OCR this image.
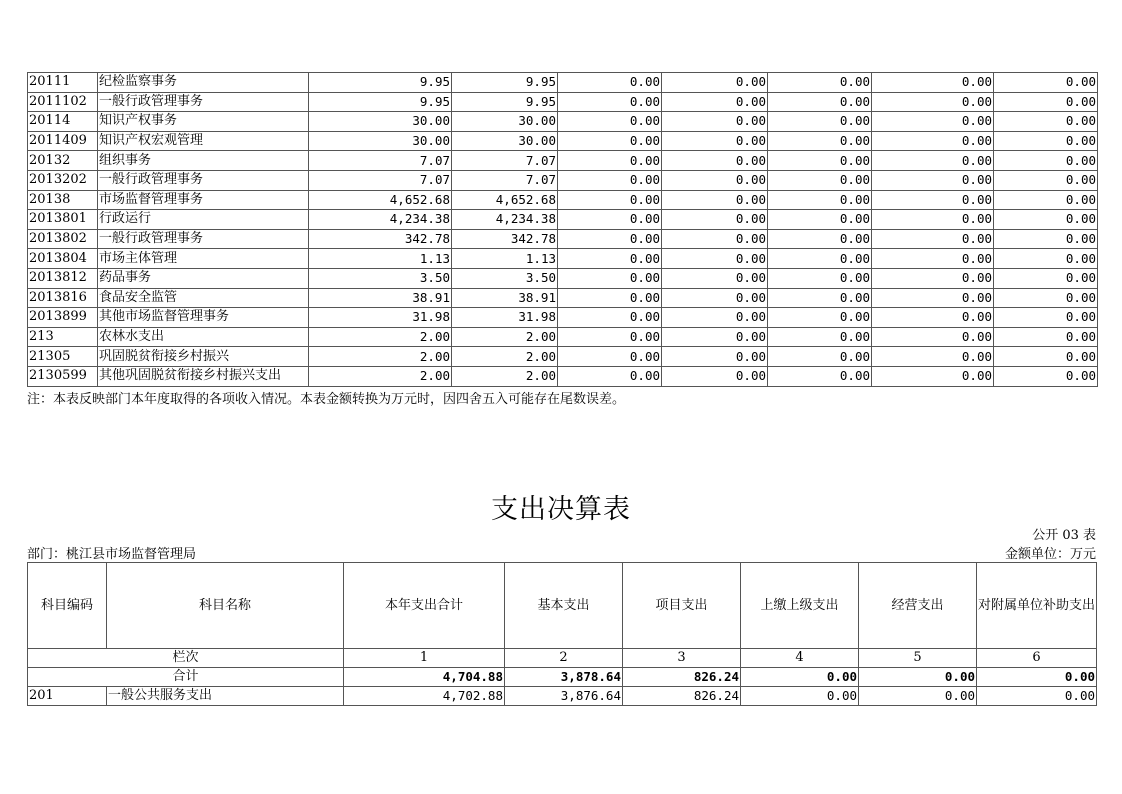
20111	纪检监察事务	9.95	9.95	0.00	0.00	0.00	0.00	0.00
2011102	一般行政管理事务	9.95	9.95	0.00	0.00	0.00	0.00	0.00
20114	知识产权事务	30.00	30.00	0.00	0.00	0.00	0.00	0.00
2011409	知识产权宏观管理	30.00	30.00	0.00	0.00	0.00	0.00	0.00
20132	组织事务	7.07	7.07	0.00	0.00	0.00	0.00	0.00
2013202	一般行政管理事务	7.07	7.07	0.00	0.00	0.00	0.00	0.00
20138	市场监督管理事务	4,652.68	4,652.68	0.00	0.00	0.00	0.00	0.00
2013801	行政运行	4,234.38	4,234.38	0.00	0.00	0.00	0.00	0.00
2013802	一般行政管理事务	342.78	342.78	0.00	0.00	0.00	0.00	0.00
2013804	市场主体管理	1.13	1.13	0.00	0.00	0.00	0.00	0.00
2013812	药品事务	3.50	3.50	0.00	0.00	0.00	0.00	0.00
2013816	食品安全监管	38.91	38.91	0.00	0.00	0.00	0.00	0.00
2013899	其他市场监督管理事务	31.98	31.98	0.00	0.00	0.00	0.00	0.00
213	农林水支出	2.00	2.00	0.00	0.00	0.00	0.00	0.00
21305	巩固脱贫衔接乡村振兴	2.00	2.00	0.00	0.00	0.00	0.00	0.00
2130599	其他巩固脱贫衔接乡村振兴支出	2.00	2.00	0.00	0.00	0.00	0.00	0.00
注：本表反映部门本年度取得的各项收入情况。本表金额转换为万元时，因四舍五入可能存在尾数误差。
支出决算表
公开 03 表
部门：桃江县市场监督管理局	金额单位：万元
科目编码	科目名称	本年支出合计	基本支出	项目支出	上缴上级支出	经营支出	对附属单位补助支出
栏次		1	2	3	4	5	6
合计		4,704.88	3,878.64	826.24	0.00	0.00	0.00
201	一般公共服务支出	4,702.88	3,876.64	826.24	0.00	0.00	0.00
